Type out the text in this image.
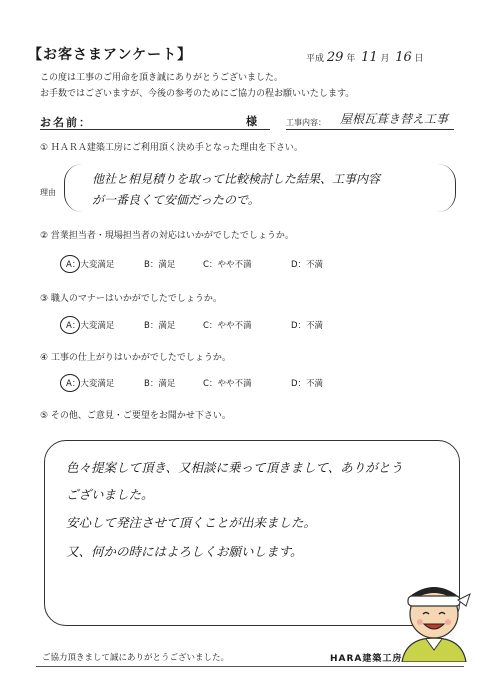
【お客さまアンケート】	平成 29 年 11 月 16 日
この度は工事のご用命を頂き誠にありがとうございました。
お手数ではございますが、今後の参考のためにご協力の程お願いいたします。
お名前：	様	工事内容： 屋根瓦葺き替え工事
① ＨＡＲＡ建築工房にご利用頂く決め手となった理由を下さい。
理由
他社と相見積りを取って比較検討した結果、工事内容
が一番良くて安価だったので。
② 営業担当者・現場担当者の対応はいかがでしたでしょうか。
A：大変満足	B：満足	C：やや不満	D：不満
③ 職人のマナーはいかがでしたでしょうか。
A：大変満足	B：満足	C：やや不満	D：不満
④ 工事の仕上がりはいかがでしたでしょうか。
A：大変満足	B：満足	C：やや不満	D：不満
⑤ その他、ご意見・ご要望をお聞かせ下さい。
色々提案して頂き、又相談に乗って頂きまして、ありがとう
ございました。
安心して発注させて頂くことが出来ました。
又、何かの時にはよろしくお願いします。
ご協力頂きまして誠にありがとうございました。	HARA建築工房
